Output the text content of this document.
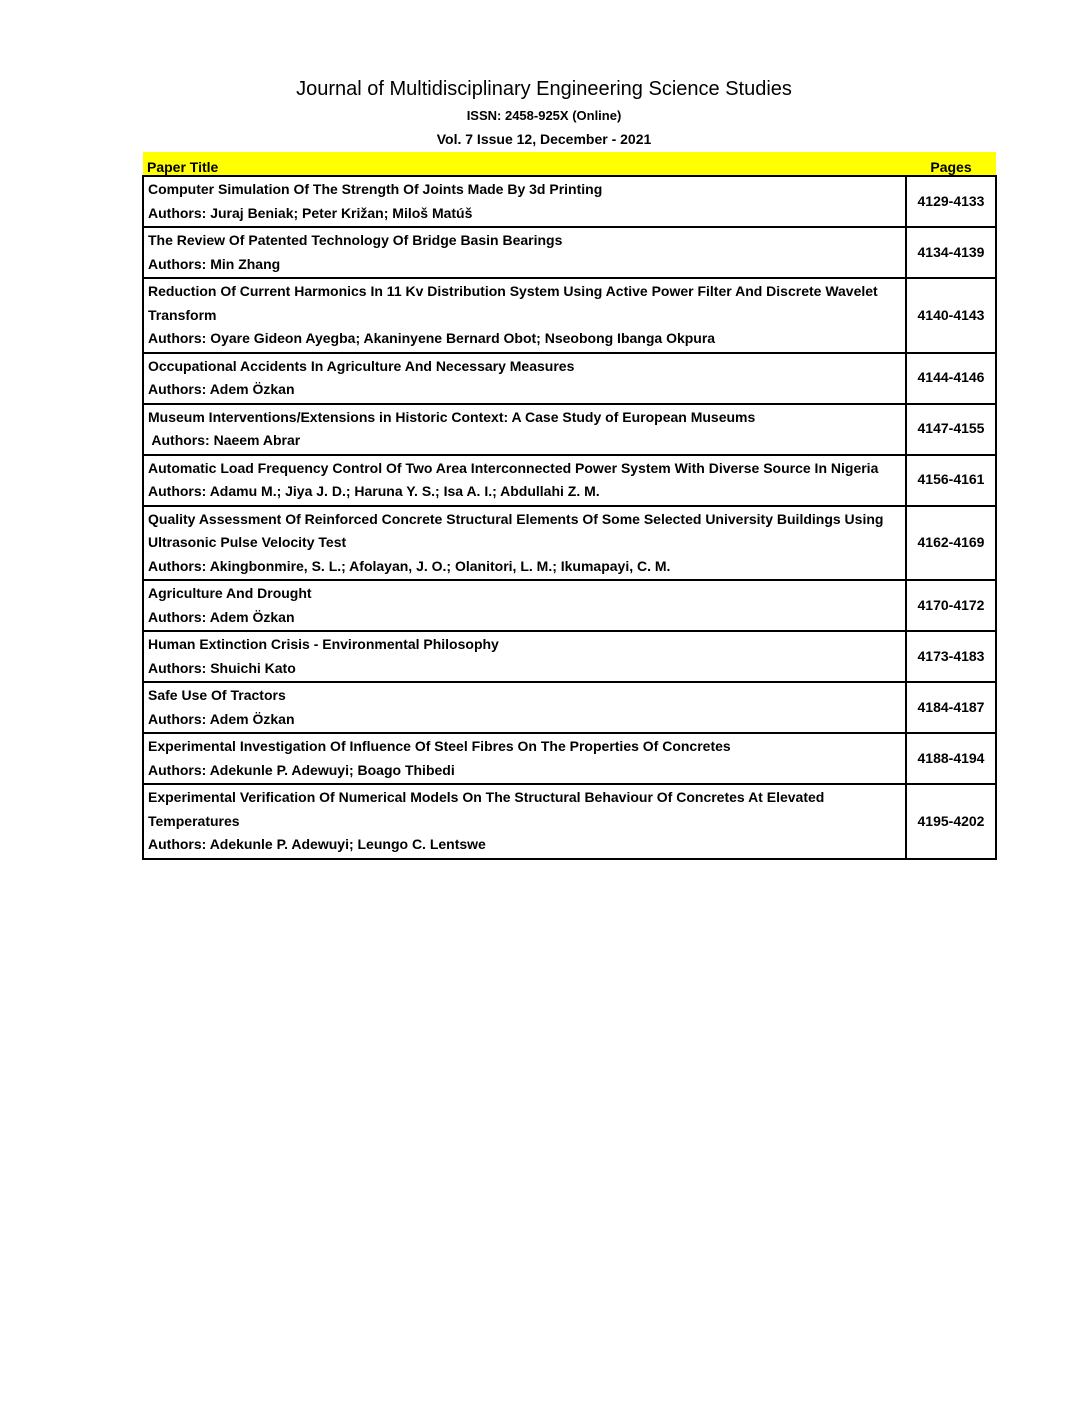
Journal of Multidisciplinary Engineering Science Studies
ISSN: 2458-925X (Online)
Vol. 7 Issue 12, December - 2021
Paper Title	Pages
Computer Simulation Of The Strength Of Joints Made By 3d Printing
Authors: Juraj Beniak; Peter Križan; Miloš Matúš	4129-4133
The Review Of Patented Technology Of Bridge Basin Bearings
Authors: Min Zhang	4134-4139
Reduction Of Current Harmonics In 11 Kv Distribution System Using Active Power Filter And Discrete Wavelet Transform
Authors: Oyare Gideon Ayegba; Akaninyene Bernard Obot; Nseobong Ibanga Okpura	4140-4143
Occupational Accidents In Agriculture And Necessary Measures
Authors: Adem Özkan	4144-4146
Museum Interventions/Extensions in Historic Context: A Case Study of European Museums
Authors: Naeem Abrar	4147-4155
Automatic Load Frequency Control Of Two Area Interconnected Power System With Diverse Source In Nigeria
Authors: Adamu M.; Jiya J. D.; Haruna Y. S.; Isa A. I.; Abdullahi Z. M.	4156-4161
Quality Assessment Of Reinforced Concrete Structural Elements Of Some Selected University Buildings Using Ultrasonic Pulse Velocity Test
Authors: Akingbonmire, S. L.; Afolayan, J. O.; Olanitori, L. M.; Ikumapayi, C. M.	4162-4169
Agriculture And Drought
Authors: Adem Özkan	4170-4172
Human Extinction Crisis - Environmental Philosophy
Authors: Shuichi Kato	4173-4183
Safe Use Of Tractors
Authors: Adem Özkan	4184-4187
Experimental Investigation Of Influence Of Steel Fibres On The Properties Of Concretes
Authors: Adekunle P. Adewuyi; Boago Thibedi	4188-4194
Experimental Verification Of Numerical Models On The Structural Behaviour Of Concretes At Elevated Temperatures
Authors: Adekunle P. Adewuyi; Leungo C. Lentswe	4195-4202
